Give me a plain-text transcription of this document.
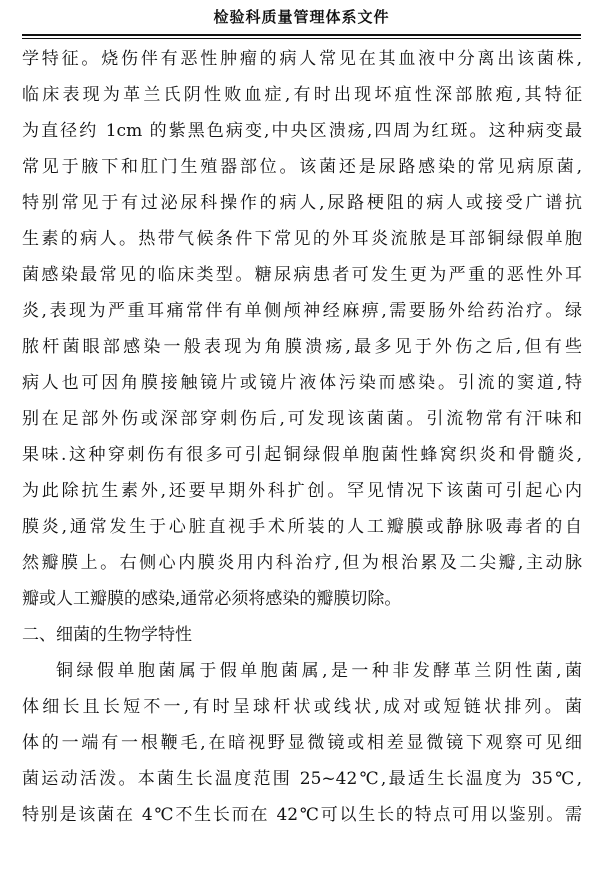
检验科质量管理体系文件
学特征。烧伤伴有恶性肿瘤的病人常见在其血液中分离出该菌株,
临床表现为革兰氏阴性败血症,有时出现坏疽性深部脓疱,其特征
为直径约 1cm 的紫黑色病变,中央区溃疡,四周为红斑。这种病变最
常见于腋下和肛门生殖器部位。该菌还是尿路感染的常见病原菌,
特别常见于有过泌尿科操作的病人,尿路梗阻的病人或接受广谱抗
生素的病人。热带气候条件下常见的外耳炎流脓是耳部铜绿假单胞
菌感染最常见的临床类型。糖尿病患者可发生更为严重的恶性外耳
炎,表现为严重耳痛常伴有单侧颅神经麻痹,需要肠外给药治疗。绿
脓杆菌眼部感染一般表现为角膜溃疡,最多见于外伤之后,但有些
病人也可因角膜接触镜片或镜片液体污染而感染。引流的窦道,特
别在足部外伤或深部穿刺伤后,可发现该菌菌。引流物常有汗味和
果味.这种穿刺伤有很多可引起铜绿假单胞菌性蜂窝织炎和骨髓炎,
为此除抗生素外,还要早期外科扩创。罕见情况下该菌可引起心内
膜炎,通常发生于心脏直视手术所装的人工瓣膜或静脉吸毒者的自
然瓣膜上。右侧心内膜炎用内科治疗,但为根治累及二尖瓣,主动脉
瓣或人工瓣膜的感染,通常必须将感染的瓣膜切除。
二、细菌的生物学特性
铜绿假单胞菌属于假单胞菌属,是一种非发酵革兰阴性菌,菌
体细长且长短不一,有时呈球杆状或线状,成对或短链状排列。菌
体的一端有一根鞭毛,在暗视野显微镜或相差显微镜下观察可见细
菌运动活泼。本菌生长温度范围 25~42℃,最适生长温度为 35℃,
特别是该菌在 4℃不生长而在 42℃可以生长的特点可用以鉴别。需
